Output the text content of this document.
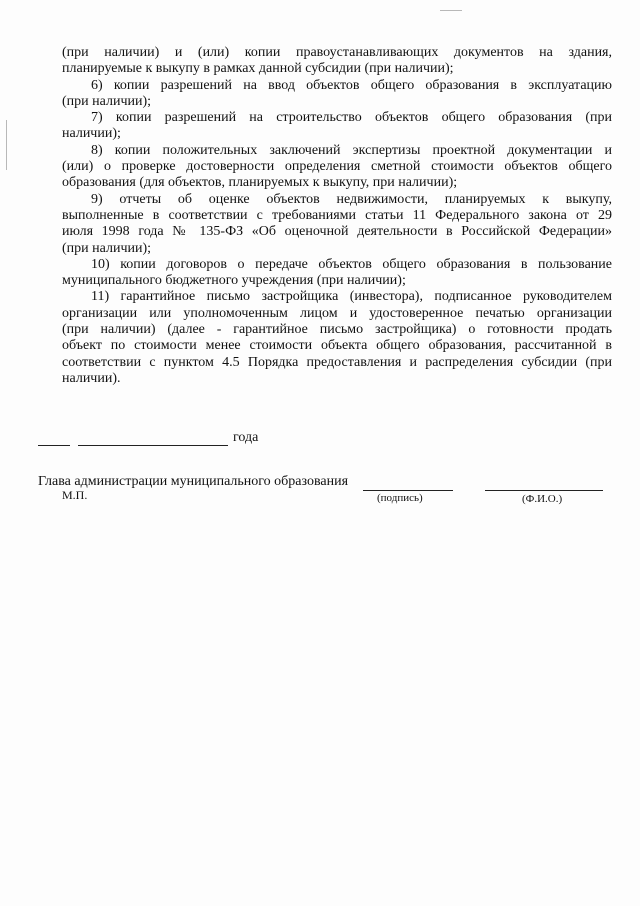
(при наличии) и (или) копии правоустанавливающих документов на здания,
планируемые к выкупу в рамках данной субсидии (при наличии);
6) копии разрешений на ввод объектов общего образования в эксплуатацию
(при наличии);
7) копии разрешений на строительство объектов общего образования (при
наличии);
8) копии положительных заключений экспертизы проектной документации и
(или) о проверке достоверности определения сметной стоимости объектов общего
образования (для объектов, планируемых к выкупу, при наличии);
9) отчеты об оценке объектов недвижимости, планируемых к выкупу,
выполненные в соответствии с требованиями статьи 11 Федерального закона от 29
июля 1998 года № 135-ФЗ «Об оценочной деятельности в Российской Федерации»
(при наличии);
10) копии договоров о передаче объектов общего образования в пользование
муниципального бюджетного учреждения (при наличии);
11) гарантийное письмо застройщика (инвестора), подписанное руководителем
организации или уполномоченным лицом и удостоверенное печатью организации
(при наличии) (далее - гарантийное письмо застройщика) о готовности продать
объект по стоимости менее стоимости объекта общего образования, рассчитанной в
соответствии с пунктом 4.5 Порядка предоставления и распределения субсидии (при
наличии).
года
Глава администрации муниципального образования
М.П.	(подпись)	(Ф.И.О.)
